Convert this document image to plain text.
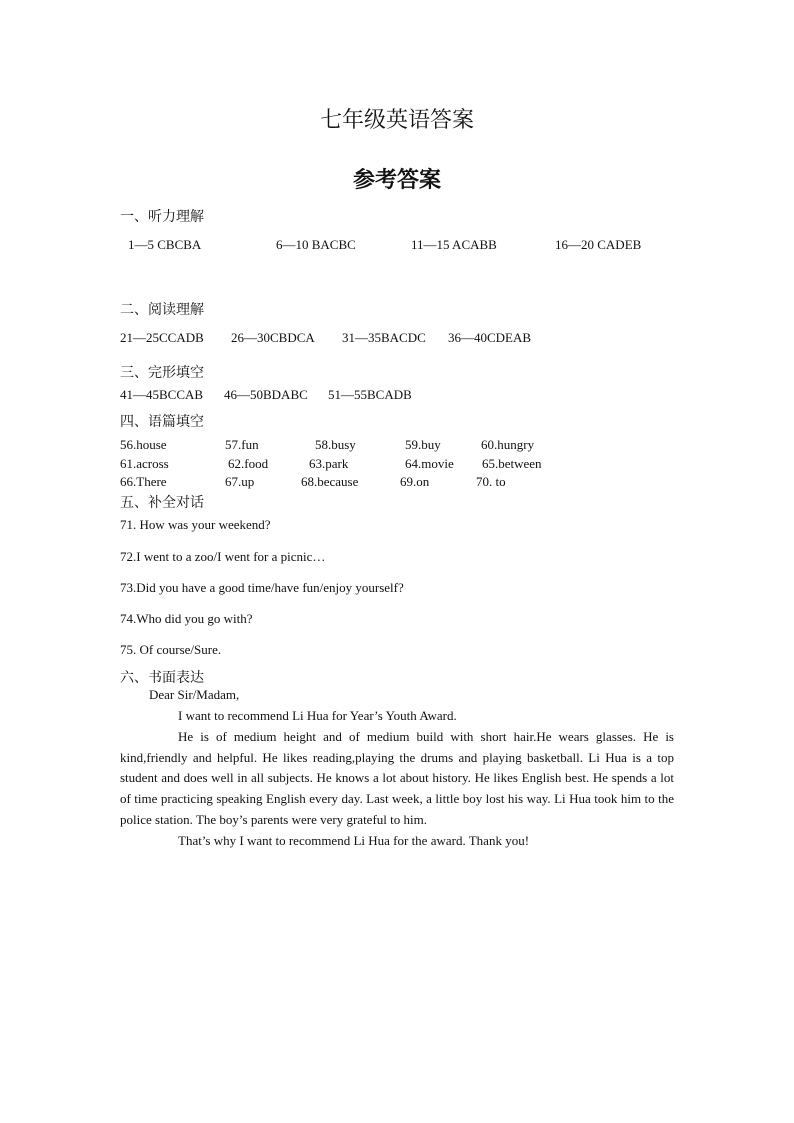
七年级英语答案
参考答案
一、听力理解
1—5 CBCBA	6—10 BACBC	11—15 ACABB	16—20 CADEB
二、阅读理解
21—25CCADB 26—30CBDCA 31—35BACDC 36—40CDEAB
三、完形填空
41—45BCCAB 46—50BDABC 51—55BCADB
四、语篇填空
56.house	57.fun	58.busy	59.buy	60.hungry
61.across	62.food	63.park	64.movie 65.between
66.There	67.up	68.because	69.on	70. to
五、补全对话
71. How was your weekend?
72.I went to a zoo/I went for a picnic…
73.Did you have a good time/have fun/enjoy yourself?
74.Who did you go with?
75. Of course/Sure.
六、书面表达
Dear Sir/Madam,

I want to recommend Li Hua for Year’s Youth Award.

He is of medium height and of medium build with short hair.He wears glasses. He is kind,friendly and helpful. He likes reading,playing the drums and playing basketball. Li Hua is a top student and does well in all subjects. He knows a lot about history. He likes English best. He spends a lot of time practicing speaking English every day. Last week, a little boy lost his way. Li Hua took him to the police station. The boy’s parents were very grateful to him.

That’s why I want to recommend Li Hua for the award. Thank you!
